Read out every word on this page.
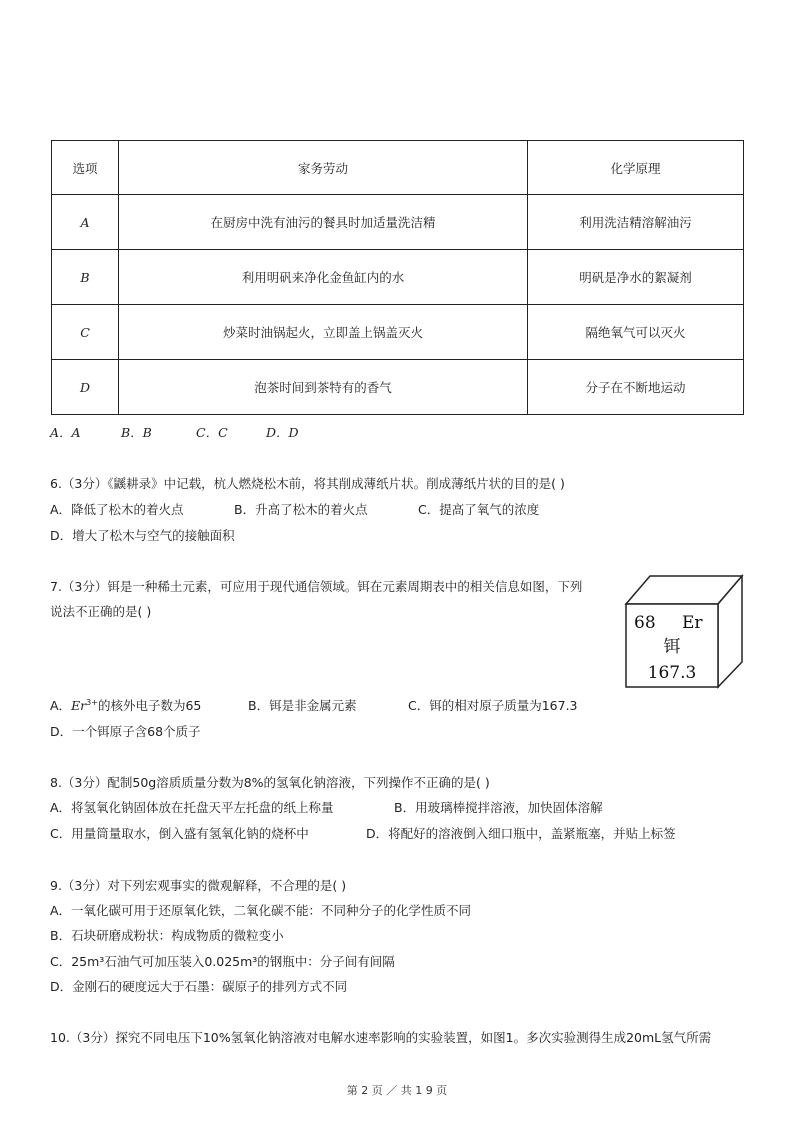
选项	家务劳动	化学原理
A	在厨房中洗有油污的餐具时加适量洗洁精	利用洗洁精溶解油污
B	利用明矾来净化金鱼缸内的水	明矾是净水的絮凝剂
C	炒菜时油锅起火，立即盖上锅盖灭火	隔绝氧气可以灭火
D	泡茶时间到茶特有的香气	分子在不断地运动
A．A	B．B	C．C	D．D
6.（3分）《鼷耕录》中记载，杭人燃烧松木前，将其削成薄纸片状。削成薄纸片状的目的是( )
A．降低了松木的着火点	B．升高了松木的着火点	C．提高了氧气的浓度
D．增大了松木与空气的接触面积
7.（3分）铒是一种稀土元素，可应用于现代通信领域。铒在元素周期表中的相关信息如图，下列
说法不正确的是( )
68 Er
铒
167.3
A．$Er^{3+}$的核外电子数为65	B．铒是非金属元素	C．铒的相对原子质量为167.3
D．一个铒原子含68个质子
8.（3分）配制50g溶质质量分数为8%的氢氧化钠溶液，下列操作不正确的是( )
A．将氢氧化钠固体放在托盘天平左托盘的纸上称量	B．用玻璃棒搅拌溶液，加快固体溶解
C．用量筒量取水，倒入盛有氢氧化钠的烧杯中	D．将配好的溶液倒入细口瓶中，盖紧瓶塞，并贴上标签
9.（3分）对下列宏观事实的微观解释，不合理的是( )
A．一氧化碳可用于还原氧化铁，二氧化碳不能：不同种分子的化学性质不同
B．石块研磨成粉状：构成物质的微粒变小
C．25m³石油气可加压装入0.025m³的钢瓶中：分子间有间隔
D．金刚石的硬度远大于石墨：碳原子的排列方式不同
10.（3分）探究不同电压下10%氢氧化钠溶液对电解水速率影响的实验装置，如图1。多次实验测得生成20mL氢气所需
第 2 页 ／ 共 1 9 页
